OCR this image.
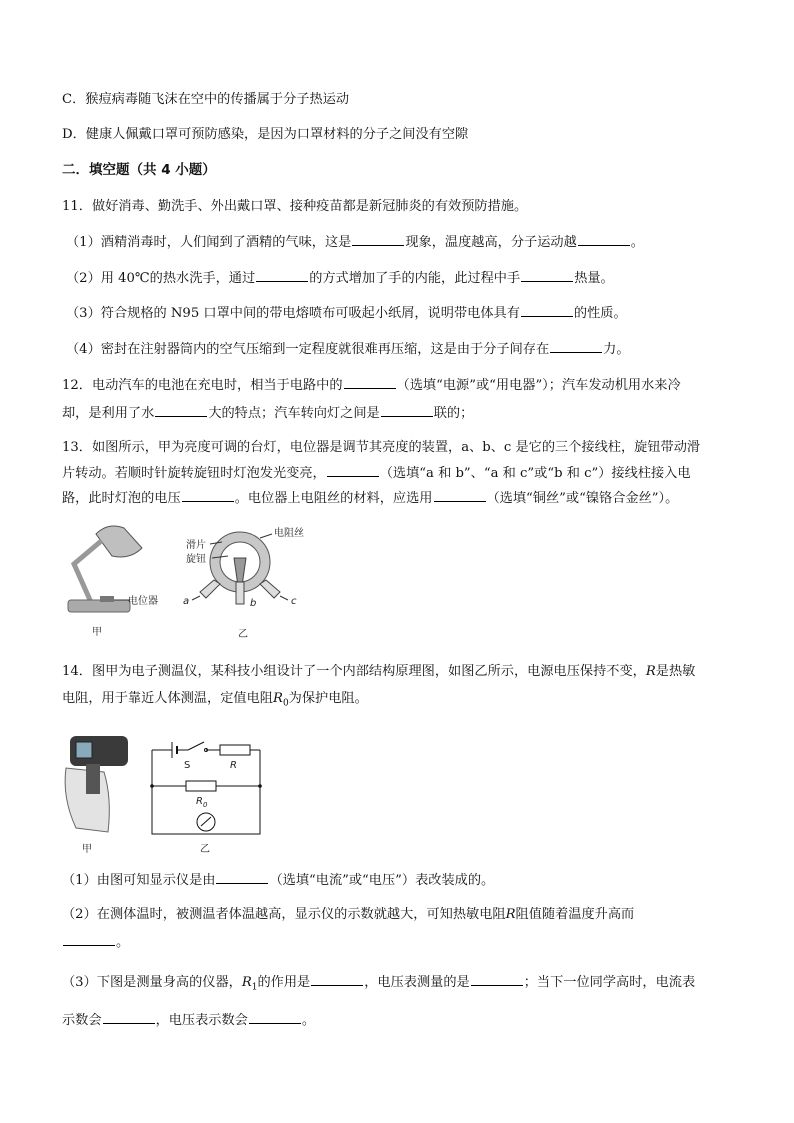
C．猴痘病毒随飞沫在空中的传播属于分子热运动
D．健康人佩戴口罩可预防感染，是因为口罩材料的分子之间没有空隙
二．填空题（共 4 小题）
11．做好消毒、勤洗手、外出戴口罩、接种疫苗都是新冠肺炎的有效预防措施。
（1）酒精消毒时，人们闻到了酒精的气味，这是	现象，温度越高，分子运动越	。
（2）用 40℃的热水洗手，通过	的方式增加了手的内能，此过程中手	热量。
（3）符合规格的 N95 口罩中间的带电熔喷布可吸起小纸屑，说明带电体具有	的性质。
（4）密封在注射器筒内的空气压缩到一定程度就很难再压缩，这是由于分子间存在	力。
12．电动汽车的电池在充电时，相当于电路中的	（选填“电源”或“用电器”）；汽车发动机用水来冷
却，是利用了水	大的特点；汽车转向灯之间是	联的；
13．如图所示，甲为亮度可调的台灯，电位器是调节其亮度的装置，a、b、c 是它的三个接线柱，旋钮带动滑
片转动。若顺时针旋转旋钮时灯泡发光变亮，	（选填“a 和 b”、“a 和 c”或“b 和 c”）接线柱接入电
路，此时灯泡的电压	。电位器上电阻丝的材料，应选用	（选填“铜丝”或“镍铬合金丝”）。
电位器
甲
滑片
旋钮
电阻丝
a	b	c
乙
14．图甲为电子测温仪，某科技小组设计了一个内部结构原理图，如图乙所示，电源电压保持不变，R是热敏
电阻，用于靠近人体测温，定值电阻$R_0$为保护电阻。
甲
S	R
$R_0$
乙
（1）由图可知显示仪是由	（选填“电流”或“电压”）表改装成的。
（2）在测体温时，被测温者体温越高，显示仪的示数就越大，可知热敏电阻R阻值随着温度升高而
。
（3）下图是测量身高的仪器，$R_1$的作用是	，电压表测量的是	；当下一位同学高时，电流表
示数会	，电压表示数会	。
